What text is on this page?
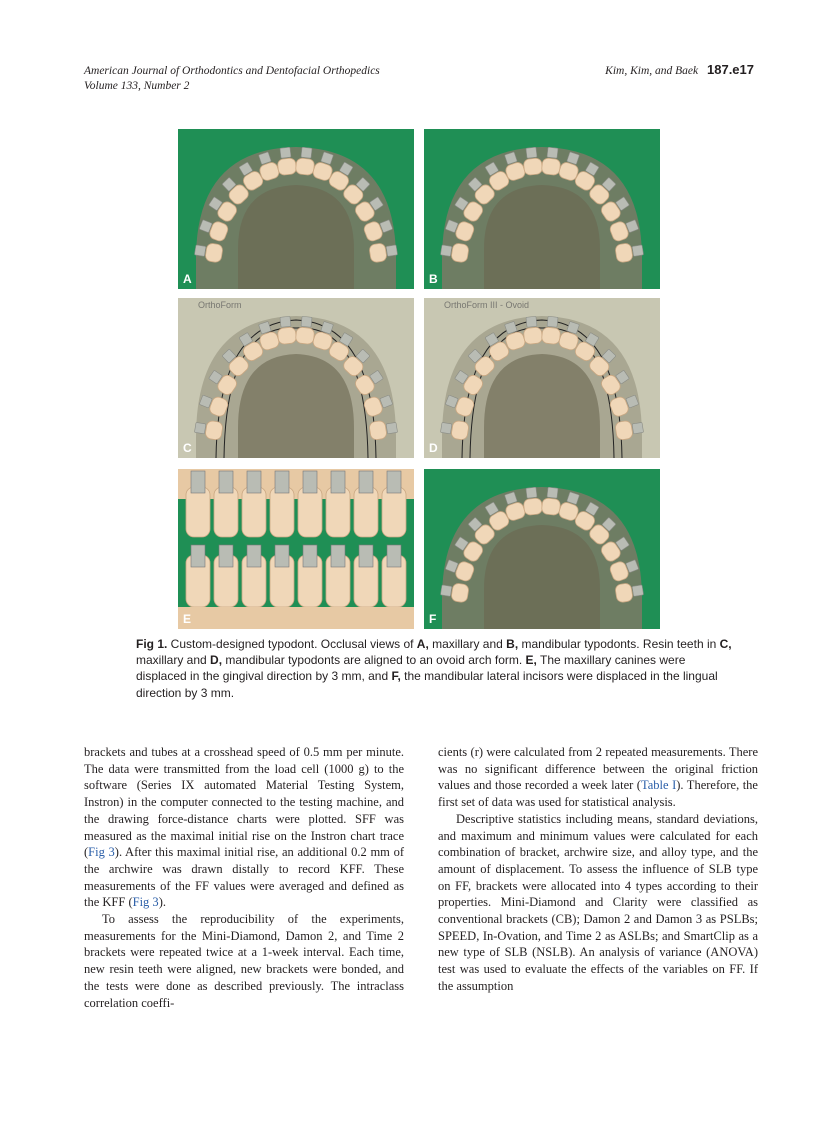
American Journal of Orthodontics and Dentofacial Orthopedics
Volume 133, Number 2
Kim, Kim, and Baek 187.e17
A	B
OrthoForm
C
OrthoForm III - Ovoid
D
E	F
Fig 1. Custom-designed typodont. Occlusal views of A, maxillary and B, mandibular typodonts. Resin teeth in C, maxillary and D, mandibular typodonts are aligned to an ovoid arch form. E, The maxillary canines were displaced in the gingival direction by 3 mm, and F, the mandibular lateral incisors were displaced in the lingual direction by 3 mm.

brackets and tubes at a crosshead speed of 0.5 mm per minute. The data were transmitted from the load cell (1000 g) to the software (Series IX automated Material Testing System, Instron) in the computer connected to the testing machine, and the drawing force-distance charts were plotted. SFF was measured as the maximal initial rise on the Instron chart trace (Fig 3). After this maximal initial rise, an additional 0.2 mm of the archwire was drawn distally to record KFF. These measurements of the FF values were averaged and defined as the KFF (Fig 3).

To assess the reproducibility of the experiments, measurements for the Mini-Diamond, Damon 2, and Time 2 brackets were repeated twice at a 1-week interval. Each time, new resin teeth were aligned, new brackets were bonded, and the tests were done as described previously. The intraclass correlation coeffi-

cients (r) were calculated from 2 repeated measurements. There was no significant difference between the original friction values and those recorded a week later (Table I). Therefore, the first set of data was used for statistical analysis.

Descriptive statistics including means, standard deviations, and maximum and minimum values were calculated for each combination of bracket, archwire size, and alloy type, and the amount of displacement. To assess the influence of SLB type on FF, brackets were allocated into 4 types according to their properties. Mini-Diamond and Clarity were classified as conventional brackets (CB); Damon 2 and Damon 3 as PSLBs; SPEED, In-Ovation, and Time 2 as ASLBs; and SmartClip as a new type of SLB (NSLB). An analysis of variance (ANOVA) test was used to evaluate the effects of the variables on FF. If the assumption
